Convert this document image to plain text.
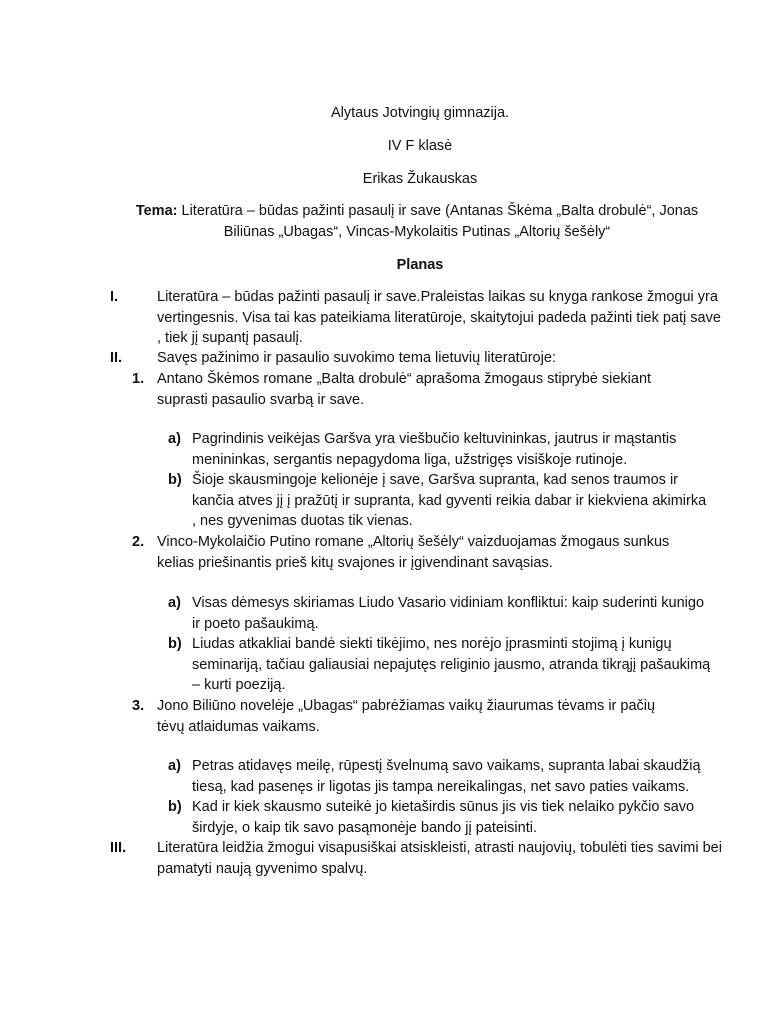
Alytaus Jotvingių gimnazija.
IV F klasė
Erikas Žukauskas
Tema: Literatūra – būdas pažinti pasaulį ir save (Antanas Škėma „Balta drobulė“, Jonas Biliūnas „Ubagas“, Vincas-Mykolaitis Putinas „Altorių šešėly“
Planas
I.	Literatūra – būdas pažinti pasaulį ir save.Praleistas laikas su knyga rankose žmogui yra vertingesnis. Visa tai kas pateikiama literatūroje, skaitytojui padeda pažinti tiek patį save , tiek jį supantį pasaulį.
II. Savęs pažinimo ir pasaulio suvokimo tema lietuvių literatūroje:
1. Antano Škėmos romane „Balta drobulė“ aprašoma žmogaus stiprybė siekiant suprasti pasaulio svarbą ir save.
a) Pagrindinis veikėjas Garšva yra viešbučio keltuvininkas, jautrus ir mąstantis menininkas, sergantis nepagydoma liga, užstrigęs visiškoje rutinoje.
b) Šioje skausmingoje kelionėje į save, Garšva supranta, kad senos traumos ir kančia atves jį į pražūtį ir supranta, kad gyventi reikia dabar ir kiekviena akimirka , nes gyvenimas duotas tik vienas.
2. Vinco-Mykolaičio Putino romane „Altorių šešėly“ vaizduojamas žmogaus sunkus kelias priešinantis prieš kitų svajones ir įgivendinant savąsias.
a) Visas dėmesys skiriamas Liudo Vasario vidiniam konfliktui: kaip suderinti kunigo ir poeto pašaukimą.
b) Liudas atkakliai bandė siekti tikėjimo, nes norėjo įprasminti stojimą į kunigų seminariją, tačiau galiausiai nepajutęs religinio jausmo, atranda tikrąjį pašaukimą – kurti poeziją.
3. Jono Biliūno novelėje „Ubagas“ pabrėžiamas vaikų žiaurumas tėvams ir pačių tėvų atlaidumas vaikams.
a) Petras atidavęs meilę, rūpestį švelnumą savo vaikams, supranta labai skaudžią tiesą, kad pasenęs ir ligotas jis tampa nereikalingas, net savo paties vaikams.
b) Kad ir kiek skausmo suteikė jo kietaširdis sūnus jis vis tiek nelaiko pykčio savo širdyje, o kaip tik savo pasąmonėje bando jį pateisinti.
III. Literatūra leidžia žmogui visapusiškai atsiskleisti, atrasti naujovių, tobulėti ties savimi bei pamatyti naują gyvenimo spalvų.
